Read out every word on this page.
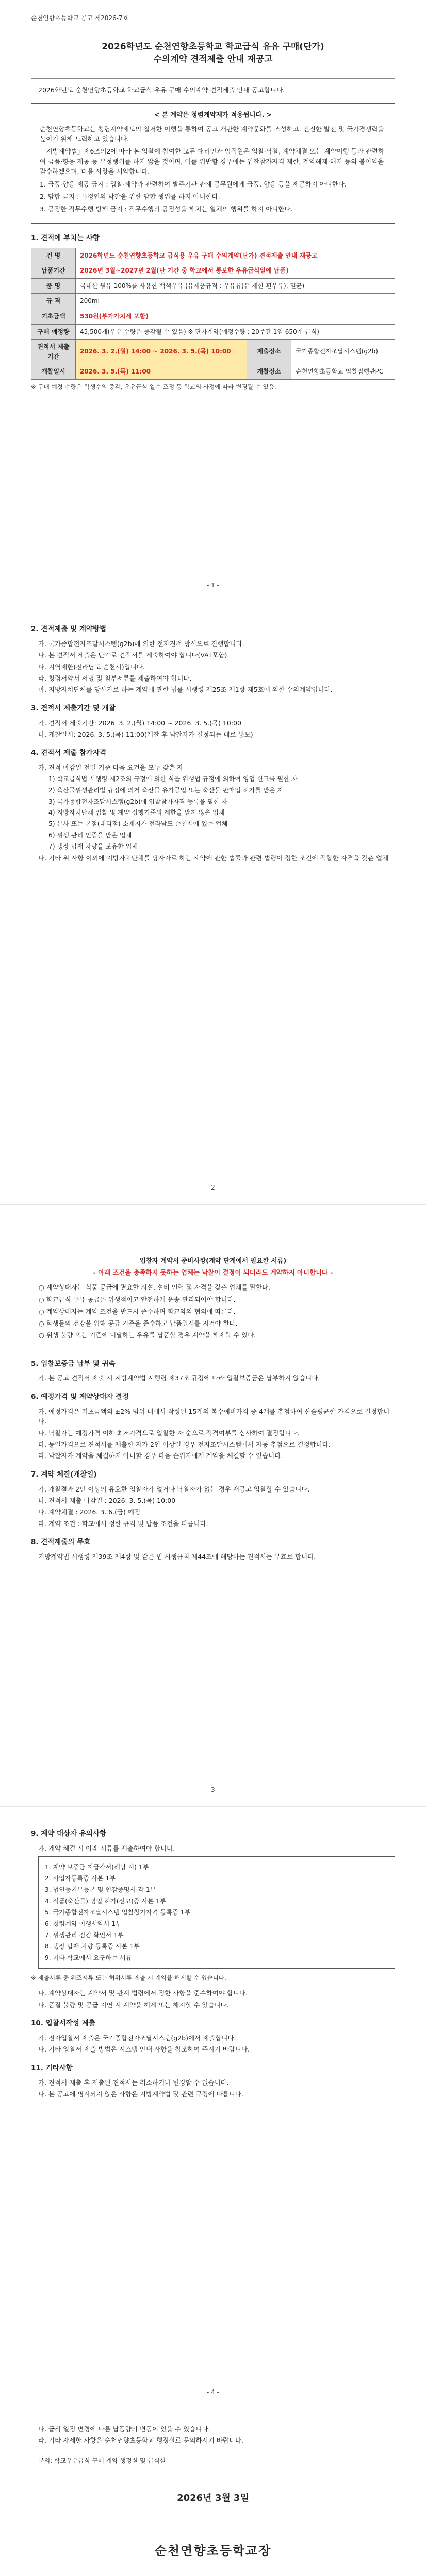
순천연향초등학교 공고 제2026-7호
2026학년도 순천연향초등학교 학교급식 유유 구매(단가)
수의계약 견적제출 안내 재공고

2026학년도 순천연향초등학교 학교급식 우유 구매 수의계약 견적제출 안내 공고합니다.

< 본 계약은 청렴계약제가 적용됩니다. >

순천연향초등학교는 청렴계약제도의 철저한 이행을 통하여 공고 개관한 계약문화를 조성하고, 건전한 발전 및 국가경쟁력을 높이기 위해 노력하고 있습니다.

「지방계약법」제6조의2에 따라 본 입찰에 참여한 모든 대리인과 임직원은 입찰·낙찰, 계약체결 또는 계약이행 등과 관련하여 금품·향응 제공 등 부정행위를 하지 않을 것이며, 이를 위반할 경우에는 입찰참가자격 제한, 계약해제·해지 등의 불이익을 감수하겠으며, 다음 사항을 서약합니다.

1. 금품·향응 제공 금지 : 입찰·계약과 관련하여 발주기관 관계 공무원에게 금품, 향응 등을 제공하지 아니한다.

2. 담합 금지 : 특정인의 낙찰을 위한 담합 행위를 하지 아니한다.

3. 공정한 직무수행 방해 금지 : 직무수행의 공정성을 해치는 일체의 행위를 하지 아니한다.

1. 견적에 부치는 사항
건 명	2026학년도 순천연향초등학교 급식용 우유 구매 수의계약(단가) 견적제출 안내 재공고		
납품기간	2026년 3월~2027년 2월(단 기간 중 학교에서 통보한 우유급식일에 납품)		
품 명	국내산 원유 100%를 사용한 백색우유 (유제품규격 : 우유류(유 제한 흰우유), 멸균)		
규 격	200ml		
기초금액	530원(부가가치세 포함)		
구매 예정량	45,500개(우유 수량은 증감될 수 있음) ※ 단가계약(예정수량 : 20주간 1일 650개 급식)		
견적서 제출기간	2026. 3. 2.(월) 14:00 ~ 2026. 3. 5.(목) 10:00	제출장소	국가종합전자조달시스템(g2b)
개찰일시	2026. 3. 5.(목) 11:00	개찰장소	순천연향초등학교 입찰집행관PC

※ 구매 예정 수량은 학생수의 증감, 우유급식 일수 조정 등 학교의 사정에 따라 변경될 수 있음.

- 1 -
2. 견적제출 및 계약방법

가. 국가종합전자조달시스템(g2b)에 의한 전자견적 방식으로 진행합니다.

나. 본 견적서 제출은 단가로 견적서를 제출하여야 합니다(VAT포함).

다. 지역제한(전라남도 순천시)입니다.

라. 청렴서약서 서명 및 첨부서류를 제출하여야 합니다.

마. 지방자치단체를 당사자로 하는 계약에 관한 법률 시행령 제25조 제1항 제5호에 의한 수의계약입니다.

3. 견적서 제출기간 및 개찰

가. 견적서 제출기간: 2026. 3. 2.(월) 14:00 ~ 2026. 3. 5.(목) 10:00

나. 개찰일시: 2026. 3. 5.(목) 11:00(개찰 후 낙찰자가 결정되는 대로 통보)

4. 견적서 제출 참가자격

가. 견적 마감일 전일 기준 다음 요건을 모두 갖춘 자

1) 학교급식법 시행령 제2조의 규정에 의한 식품 위생법 규정에 의하여 영업 신고를 필한 자

2) 축산물위생관리법 규정에 의거 축산물 유가공업 또는 축산물 판매업 허가를 받은 자

3) 국가종합전자조달시스템(g2b)에 입찰참가자격 등록을 필한 자

4) 지방자치단체 입찰 및 계약 집행기준의 제한을 받지 않은 업체

5) 본사 또는 본점(대리점) 소재지가 전라남도 순천시에 있는 업체

6) 위생 관리 인증을 받은 업체

7) 냉장 탑재 차량을 보유한 업체

나. 기타 위 사항 이외에 지방자치단체를 당사자로 하는 계약에 관한 법률과 관련 법령이 정한 조건에 적합한 자격을 갖춘 업체

- 2 -
입찰자 계약서 준비사항(계약 단계에서 필요한 서류)
- 아래 조건을 충족하지 못하는 업체는 낙찰이 결정이 되더라도 계약하지 아니합니다 -

○ 계약상대자는 식품 공급에 필요한 시설, 설비 인력 및 자격을 갖춘 업체를 말한다.

○ 학교급식 우유 공급은 위생적이고 안전하게 운송 관리되어야 합니다.

○ 계약상대자는 계약 조건을 반드시 준수하며 학교와의 협의에 따른다.

○ 학생들의 건강을 위해 공급 기준을 준수하고 납품일시를 지켜야 한다.

○ 위생 불량 또는 기준에 미달하는 우유를 납품할 경우 계약을 해제할 수 있다.

5. 입찰보증금 납부 및 귀속

가. 본 공고 견적서 제출 시 지방계약법 시행령 제37조 규정에 따라 입찰보증금은 납부하지 않습니다.

6. 예정가격 및 계약상대자 결정

가. 예정가격은 기초금액의 ±2% 범위 내에서 작성된 15개의 복수예비가격 중 4개를 추첨하여 산술평균한 가격으로 결정합니다.

나. 낙찰자는 예정가격 이하 최저가격으로 입찰한 자 순으로 적격여부를 심사하여 결정합니다.

다. 동일가격으로 견적서를 제출한 자가 2인 이상일 경우 전자조달시스템에서 자동 추첨으로 결정합니다.

라. 낙찰자가 계약을 체결하지 아니할 경우 다음 순위자에게 계약을 체결할 수 있습니다.

7. 계약 체결(개찰일)

가. 개찰결과 2인 이상의 유효한 입찰자가 없거나 낙찰자가 없는 경우 재공고 입찰할 수 있습니다.

나. 견적서 제출 마감일 : 2026. 3. 5.(목) 10:00

다. 계약체결 : 2026. 3. 6.(금) 예정

라. 계약 조건 : 학교에서 정한 규격 및 납품 조건을 따릅니다.

8. 견적제출의 무효

지방계약법 시행령 제39조 제4항 및 같은 법 시행규칙 제44조에 해당하는 견적서는 무효로 합니다.

- 3 -
9. 계약 대상자 유의사항

가. 계약 체결 시 아래 서류를 제출하여야 합니다.

1. 계약 보증금 지급각서(해당 시) 1부

2. 사업자등록증 사본 1부

3. 법인등기부등본 및 인감증명서 각 1부

4. 식품(축산물) 영업 허가(신고)증 사본 1부

5. 국가종합전자조달시스템 입찰참가자격 등록증 1부

6. 청렴계약 이행서약서 1부

7. 위생관리 점검 확인서 1부

8. 냉장 탑재 차량 등록증 사본 1부

9. 기타 학교에서 요구하는 서류

※ 제출서류 중 위조서류 또는 허위서류 제출 시 계약을 해제할 수 있습니다.

나. 계약상대자는 계약서 및 관계 법령에서 정한 사항을 준수하여야 합니다.

다. 품질 불량 및 공급 지연 시 계약을 해제 또는 해지할 수 있습니다.

10. 입찰서작성 제출

가. 전자입찰서 제출은 국가종합전자조달시스템(g2b)에서 제출합니다.

나. 기타 입찰서 제출 방법은 시스템 안내 사항을 참조하여 주시기 바랍니다.

11. 기타사항

가. 견적서 제출 후 제출된 견적서는 취소하거나 변경할 수 없습니다.

나. 본 공고에 명시되지 않은 사항은 지방계약법 및 관련 규정에 따릅니다.

- 4 -

다. 급식 일정 변경에 따른 납품량의 변동이 있을 수 있습니다.

라. 기타 자세한 사항은 순천연향초등학교 행정실로 문의하시기 바랍니다.

문의: 학교우유급식 구매 계약 행정실 및 급식실

2026년 3월 3일
순천연향초등학교장
